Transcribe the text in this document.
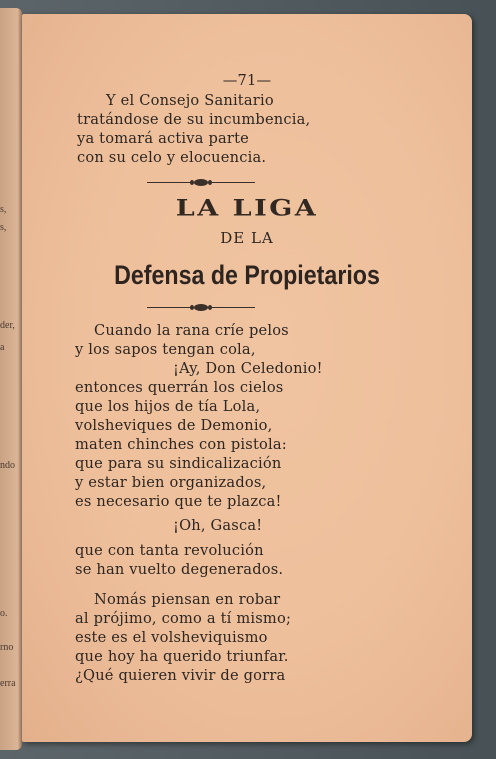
s,
s,
der,
a
ndo
o.
rno
erra
—71—
Y el Consejo Sanitario
tratándose de su incumbencia,
ya tomará activa parte
con su celo y elocuencia.
LA LIGA
DE LA
Defensa de Propietarios
Cuando la rana críe pelos
y los sapos tengan cola,
¡Ay, Don Celedonio!
entonces querrán los cielos
que los hijos de tía Lola,
volsheviques de Demonio,
maten chinches con pistola:
que para su sindicalización
y estar bien organizados,
es necesario que te plazca!
¡Oh, Gasca!
que con tanta revolución
se han vuelto degenerados.
Nomás piensan en robar
al prójimo, como a tí mismo;
este es el volsheviquismo
que hoy ha querido triunfar.
¿Qué quieren vivir de gorra
